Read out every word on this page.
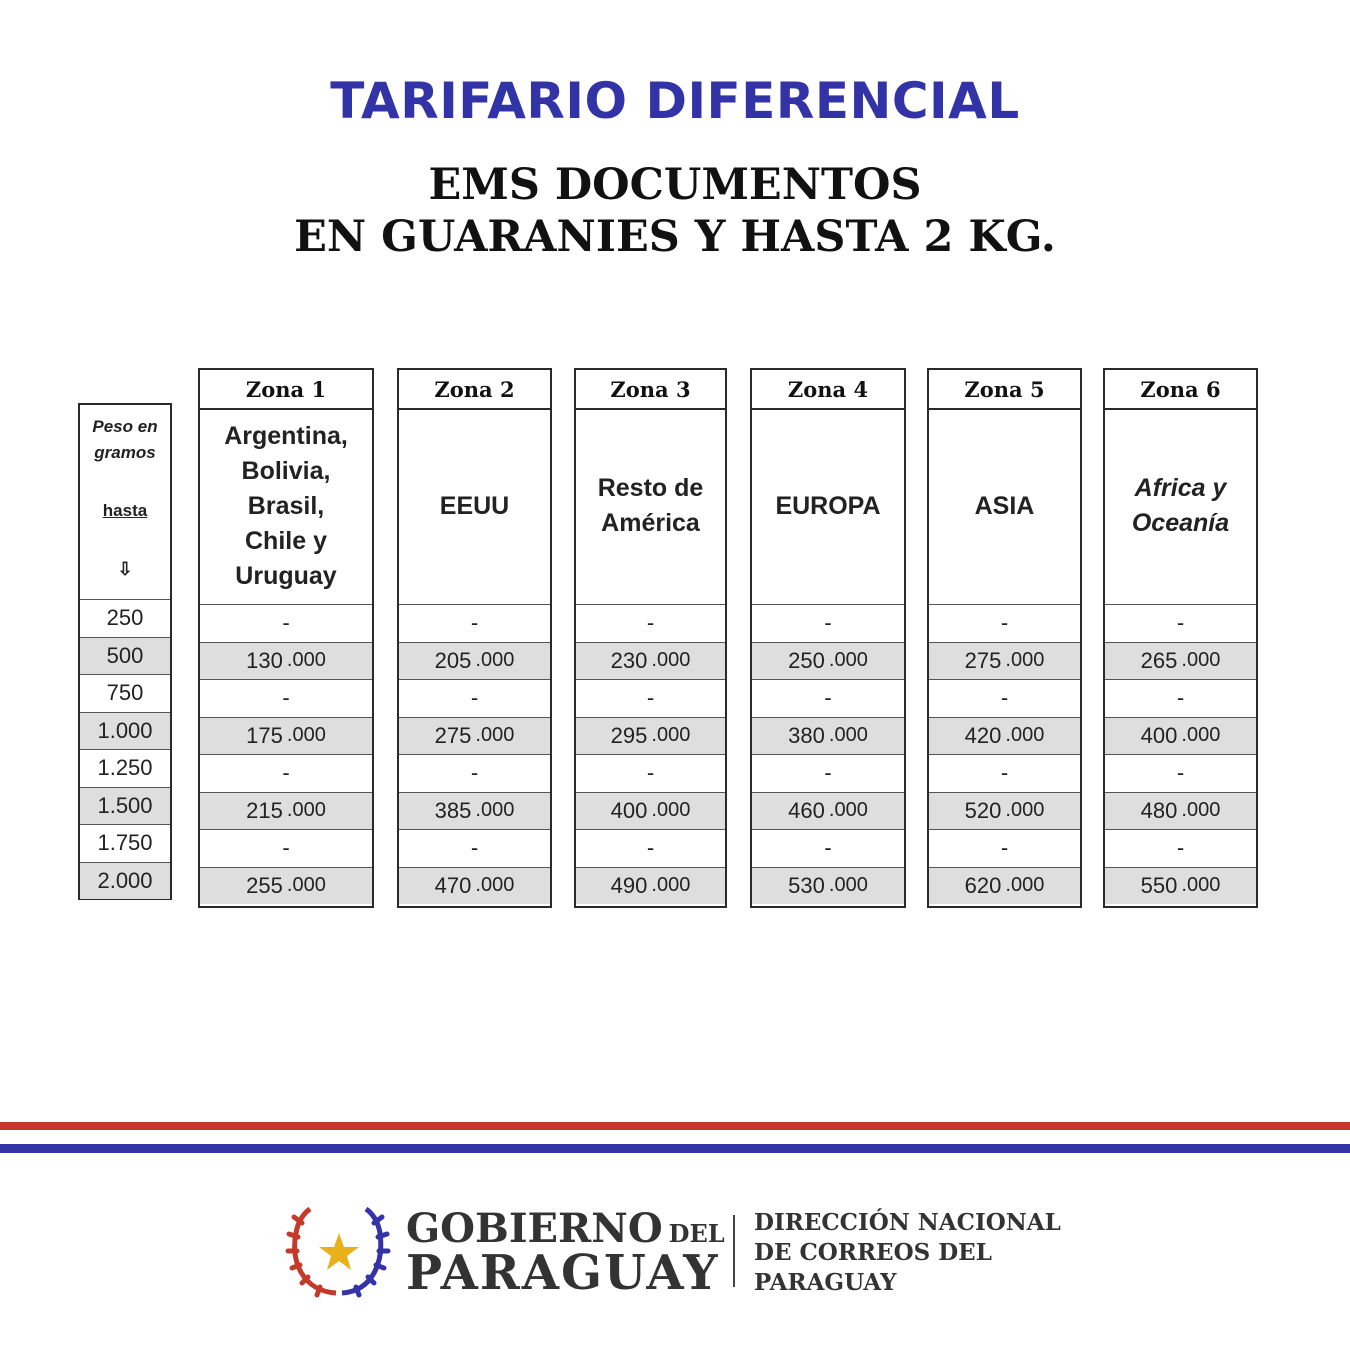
TARIFARIO DIFERENCIAL
EMS DOCUMENTOS
EN GUARANIES Y HASTA 2 KG.
Peso en
gramos
hasta
⇩
250
500
750
1.000
1.250
1.500
1.750
2.000
Zona 1
Argentina,
Bolivia,
Brasil,
Chile y
Uruguay
-
130 .000
-
175 .000
-
215 .000
-
255 .000
Zona 2
EEUU
-
205 .000
-
275 .000
-
385 .000
-
470 .000
Zona 3
Resto de
América
-
230 .000
-
295 .000
-
400 .000
-
490 .000
Zona 4
EUROPA
-
250 .000
-
380 .000
-
460 .000
-
530 .000
Zona 5
ASIA
-
275 .000
-
420 .000
-
520 .000
-
620 .000
Zona 6
Africa y
Oceanía
-
265 .000
-
400 .000
-
480 .000
-
550 .000
GOBIERNO DEL
PARAGUAY
DIRECCIÓN NACIONAL
DE CORREOS DEL
PARAGUAY
